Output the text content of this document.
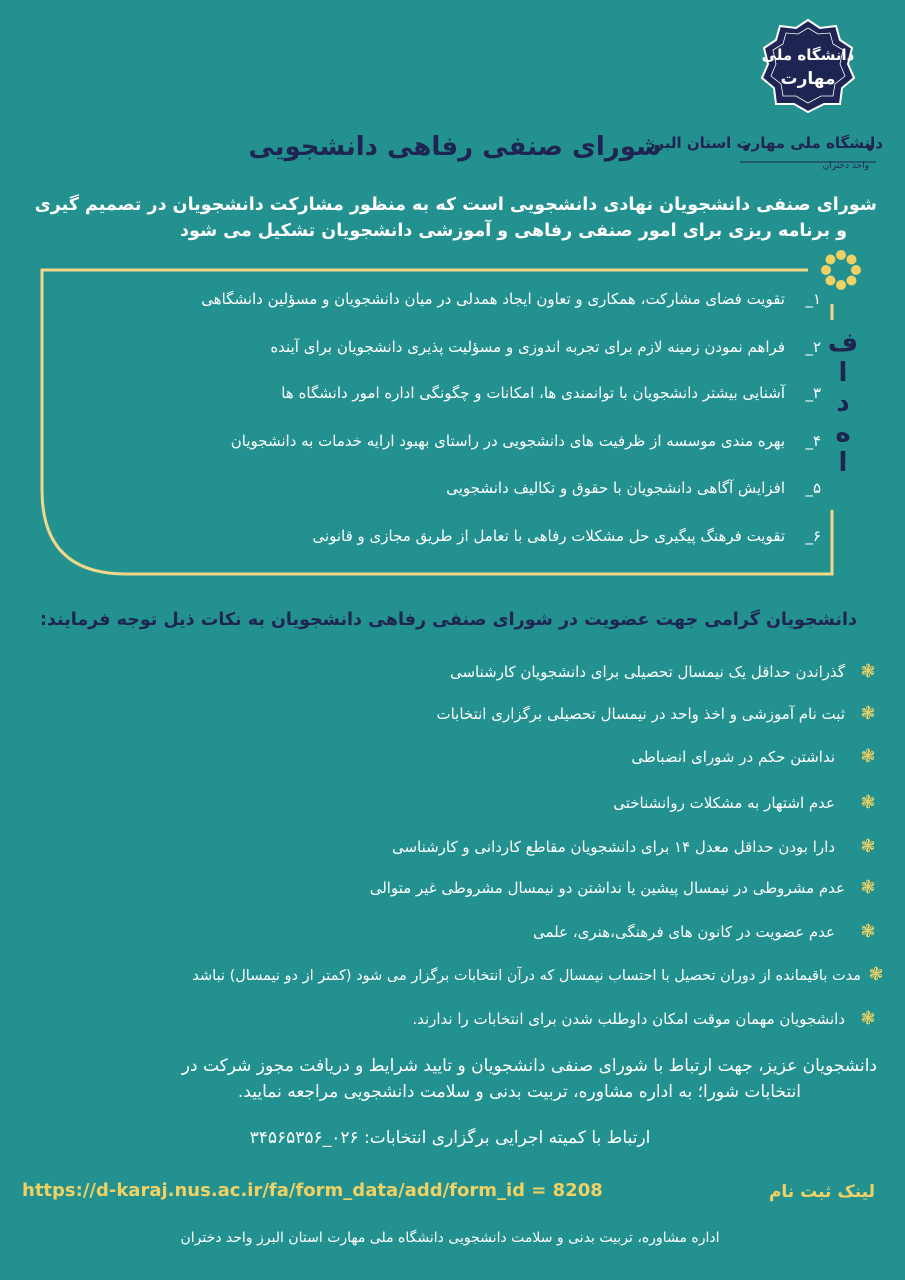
دانشگاه ملی
مهارت
دانشگاه ملی مهارت استان البرز
واحد دختران
شورای صنفی رفاهی دانشجویی
شورای صنفی دانشجویان نهادی دانشجویی است که به منظور مشارکت دانشجویان در تصمیم گیری
و برنامه ریزی برای امور صنفی رفاهی و آموزشی دانشجویان تشکیل می شود
اهداف
۱_تقویت فضای مشارکت، همکاری و تعاون ایجاد همدلی در میان دانشجویان و مسؤلین دانشگاهی
۲_فراهم نمودن زمینه لازم برای تجربه اندوزی و مسؤلیت پذیری دانشجویان برای آینده
۳_آشنایی بیشتر دانشجویان با توانمندی ها، امکانات و چگونگی اداره امور دانشگاه ها
۴_بهره مندی موسسه از ظرفیت های دانشجویی در راستای بهبود ارایه خدمات به دانشجویان
۵_افزایش آگاهی دانشجویان با حقوق و تکالیف دانشجویی
۶_تقویت فرهنگ پیگیری حل مشکلات رفاهی با تعامل از طریق مجازی و قانونی
دانشجویان گرامی جهت عضویت در شورای صنفی رفاهی دانشجویان به نکات ذیل توجه فرمایند:
❃گذراندن حداقل یک نیمسال تحصیلی برای دانشجویان کارشناسی
❃ثبت نام آموزشی و اخذ واحد در نیمسال تحصیلی برگزاری انتخابات
❃نداشتن حکم در شورای انضباطی
❃عدم اشتهار به مشکلات روانشناختی
❃دارا بودن حداقل معدل ۱۴ برای دانشجویان مقاطع کاردانی و کارشناسی
❃عدم مشروطی در نیمسال پیشین یا نداشتن دو نیمسال مشروطی غیر متوالی
❃عدم عضویت در کانون های فرهنگی،هنری، علمی
❃مدت باقیمانده از دوران تحصیل با احتساب نیمسال که درآن انتخابات برگزار می شود (کمتر از دو نیمسال) نباشد
❃دانشجویان مهمان موقت امکان داوطلب شدن برای انتخابات را ندارند.
دانشجویان عزیز، جهت ارتباط با شورای صنفی دانشجویان و تایید شرایط و دریافت مجوز شرکت در
انتخابات شورا؛ به اداره مشاوره، تربیت بدنی و سلامت دانشجویی مراجعه نمایید.
ارتباط با کمیته اجرایی برگزاری انتخابات: ۰۲۶_۳۴۵۶۵۳۵۶
لینک ثبت نام
https://d-karaj.nus.ac.ir/fa/form_data/add/form_id = 8208
اداره مشاوره، تربیت بدنی و سلامت دانشجویی دانشگاه ملی مهارت استان البرز واحد دختران
